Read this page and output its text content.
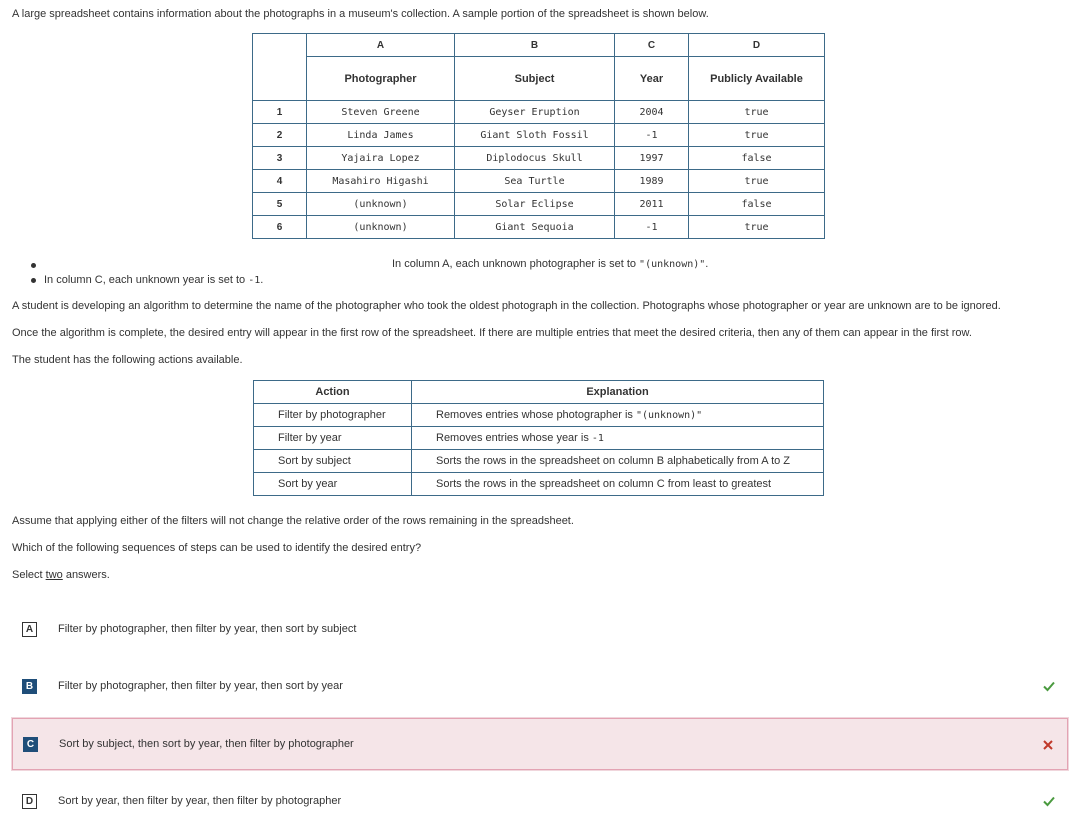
A large spreadsheet contains information about the photographs in a museum's collection. A sample portion of the spreadsheet is shown below.
	A	B	C	D
	Photographer	Subject	Year	Publicly Available
1	Steven Greene	Geyser Eruption	2004	true
2	Linda James	Giant Sloth Fossil	-1	true
3	Yajaira Lopez	Diplodocus Skull	1997	false
4	Masahiro Higashi	Sea Turtle	1989	true
5	(unknown)	Solar Eclipse	2011	false
6	(unknown)	Giant Sequoia	-1	true
In column A, each unknown photographer is set to "(unknown)".
In column C, each unknown year is set to -1.
A student is developing an algorithm to determine the name of the photographer who took the oldest photograph in the collection. Photographs whose photographer or year are unknown are to be ignored.
Once the algorithm is complete, the desired entry will appear in the first row of the spreadsheet. If there are multiple entries that meet the desired criteria, then any of them can appear in the first row.
The student has the following actions available.
Action	Explanation
Filter by photographer	Removes entries whose photographer is "(unknown)"
Filter by year	Removes entries whose year is -1
Sort by subject	Sorts the rows in the spreadsheet on column B alphabetically from A to Z
Sort by year	Sorts the rows in the spreadsheet on column C from least to greatest
Assume that applying either of the filters will not change the relative order of the rows remaining in the spreadsheet.
Which of the following sequences of steps can be used to identify the desired entry?
Select two answers.
A	Filter by photographer, then filter by year, then sort by subject
B	Filter by photographer, then filter by year, then sort by year
C	Sort by subject, then sort by year, then filter by photographer
D	Sort by year, then filter by year, then filter by photographer
